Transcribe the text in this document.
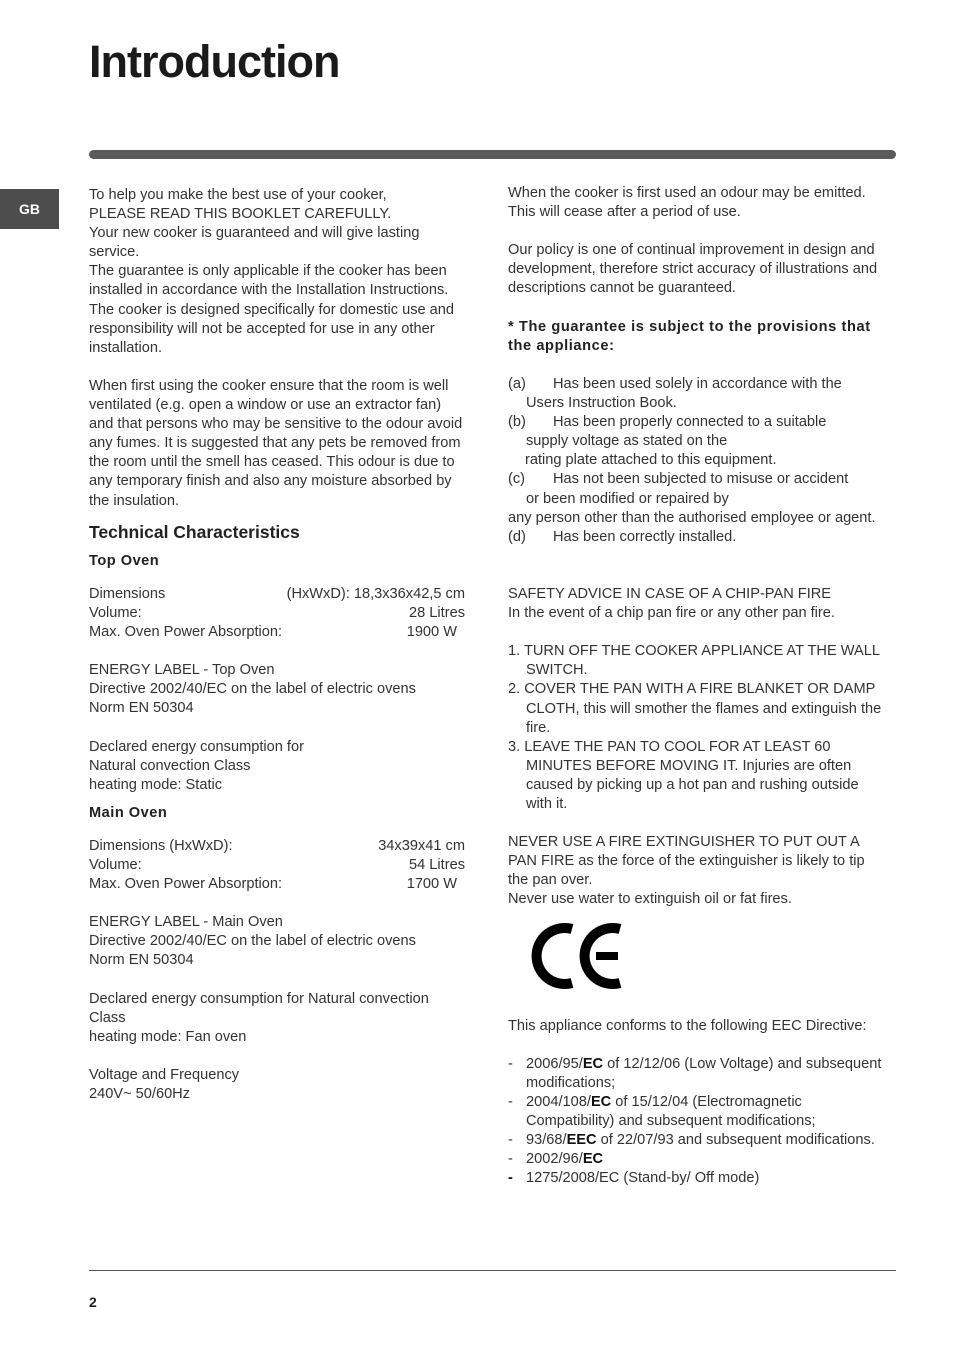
Introduction
GB

To help you make the best use of your cooker,

PLEASE READ THIS BOOKLET CAREFULLY.

Your new cooker is guaranteed and will give lasting service.

The guarantee is only applicable if the cooker has been installed in accordance with the Installation Instructions.

The cooker is designed specifically for domestic use and responsibility will not be accepted for use in any other installation.

When first using the cooker ensure that the room is well ventilated (e.g. open a window or use an extractor fan) and that persons who may be sensitive to the odour avoid any fumes. It is suggested that any pets be removed from the room until the smell has ceased. This odour is due to any temporary finish and also any moisture absorbed by the insulation.

Technical Characteristics
Top Oven
Dimensions	(HxWxD): 18,3x36x42,5 cm
Volume:	28 Litres
Max. Oven Power Absorption:	1900 W

ENERGY LABEL - Top Oven

Directive 2002/40/EC on the label of electric ovens

Norm EN 50304

Declared energy consumption for

Natural convection Class

heating mode: Static

Main Oven
Dimensions (HxWxD):	34x39x41 cm
Volume:	54 Litres
Max. Oven Power Absorption:	1700 W

ENERGY LABEL - Main Oven

Directive 2002/40/EC on the label of electric ovens

Norm EN 50304

Declared energy consumption for Natural convection Class

heating mode: Fan oven

Voltage and Frequency

240V~ 50/60Hz

When the cooker is first used an odour may be emitted. This will cease after a period of use.

Our policy is one of continual improvement in design and development, therefore strict accuracy of illustrations and descriptions cannot be guaranteed.

* The guarantee is subject to the provisions that the appliance:

(a)	Has been used solely in accordance with the

Users Instruction Book.

(b)	Has been properly connected to a suitable

supply voltage as stated on the

rating plate attached to this equipment.

(c)	Has not been subjected to misuse or accident

or been modified or repaired by

any person other than the authorised employee or agent.

(d)	Has been correctly installed.

SAFETY ADVICE IN CASE OF A CHIP-PAN FIRE

In the event of a chip pan fire or any other pan fire.

1. TURN OFF THE COOKER APPLIANCE AT THE WALL SWITCH.

2. COVER THE PAN WITH A FIRE BLANKET OR DAMP CLOTH, this will smother the flames and extinguish the fire.

3. LEAVE THE PAN TO COOL FOR AT LEAST 60 MINUTES BEFORE MOVING IT. Injuries are often caused by picking up a hot pan and rushing outside with it.

NEVER USE A FIRE EXTINGUISHER TO PUT OUT A PAN FIRE as the force of the extinguisher is likely to tip the pan over.

Never use water to extinguish oil or fat fires.

This appliance conforms to the following EEC Directive:

- 2006/95/EC of 12/12/06 (Low Voltage) and subsequent modifications;
- 2004/108/EC of 15/12/04 (Electromagnetic Compatibility) and subsequent modifications;
- 93/68/EEC of 22/07/93 and subsequent modifications.
- 2002/96/EC
- 1275/2008/EC (Stand-by/ Off mode)
2
